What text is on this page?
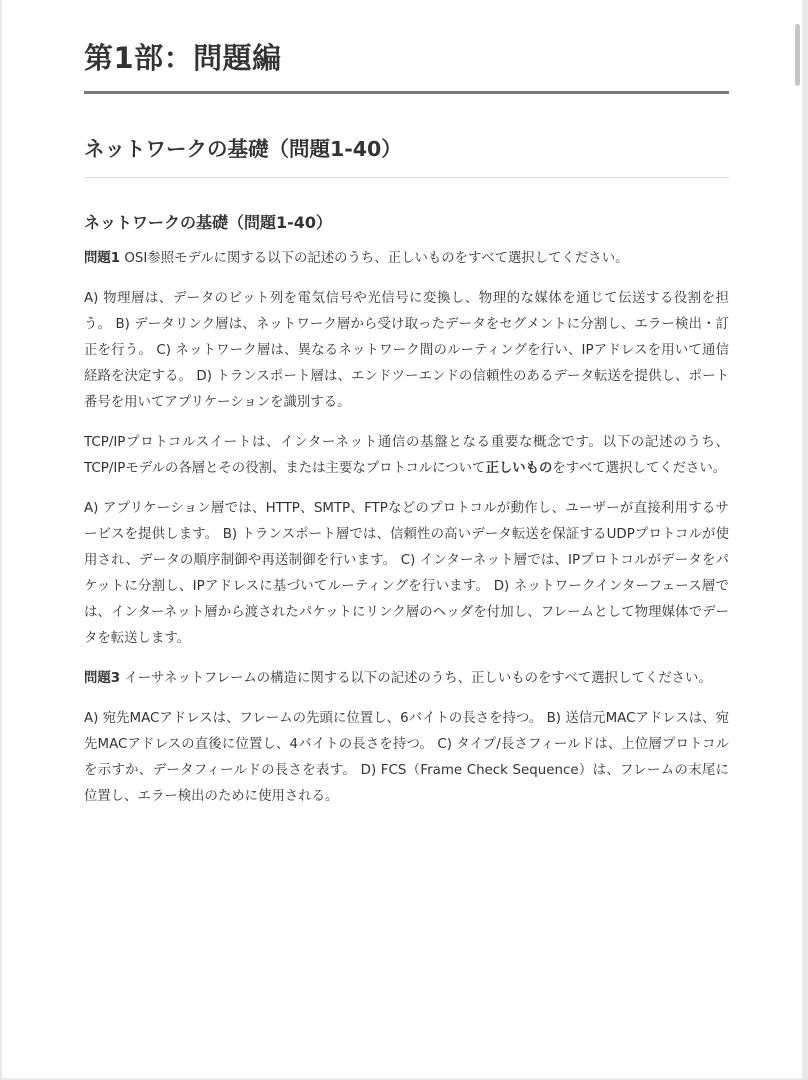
第1部：問題編
ネットワークの基礎（問題1-40）
ネットワークの基礎（問題1-40）

問題1 OSI参照モデルに関する以下の記述のうち、正しいものをすべて選択してください。

A) 物理層は、データのビット列を電気信号や光信号に変換し、物理的な媒体を通じて伝送する役割を担う。 B) データリンク層は、ネットワーク層から受け取ったデータをセグメントに分割し、エラー検出・訂正を行う。 C) ネットワーク層は、異なるネットワーク間のルーティングを行い、IPアドレスを用いて通信経路を決定する。 D) トランスポート層は、エンドツーエンドの信頼性のあるデータ転送を提供し、ポート番号を用いてアプリケーションを識別する。

TCP/IPプロトコルスイートは、インターネット通信の基盤となる重要な概念です。以下の記述のうち、TCP/IPモデルの各層とその役割、または主要なプロトコルについて正しいものをすべて選択してください。

A) アプリケーション層では、HTTP、SMTP、FTPなどのプロトコルが動作し、ユーザーが直接利用するサービスを提供します。 B) トランスポート層では、信頼性の高いデータ転送を保証するUDPプロトコルが使用され、データの順序制御や再送制御を行います。 C) インターネット層では、IPプロトコルがデータをパケットに分割し、IPアドレスに基づいてルーティングを行います。 D) ネットワークインターフェース層では、インターネット層から渡されたパケットにリンク層のヘッダを付加し、フレームとして物理媒体でデータを転送します。

問題3 イーサネットフレームの構造に関する以下の記述のうち、正しいものをすべて選択してください。

A) 宛先MACアドレスは、フレームの先頭に位置し、6バイトの長さを持つ。 B) 送信元MACアドレスは、宛先MACアドレスの直後に位置し、4バイトの長さを持つ。 C) タイプ/長さフィールドは、上位層プロトコルを示すか、データフィールドの長さを表す。 D) FCS（Frame Check Sequence）は、フレームの末尾に位置し、エラー検出のために使用される。
